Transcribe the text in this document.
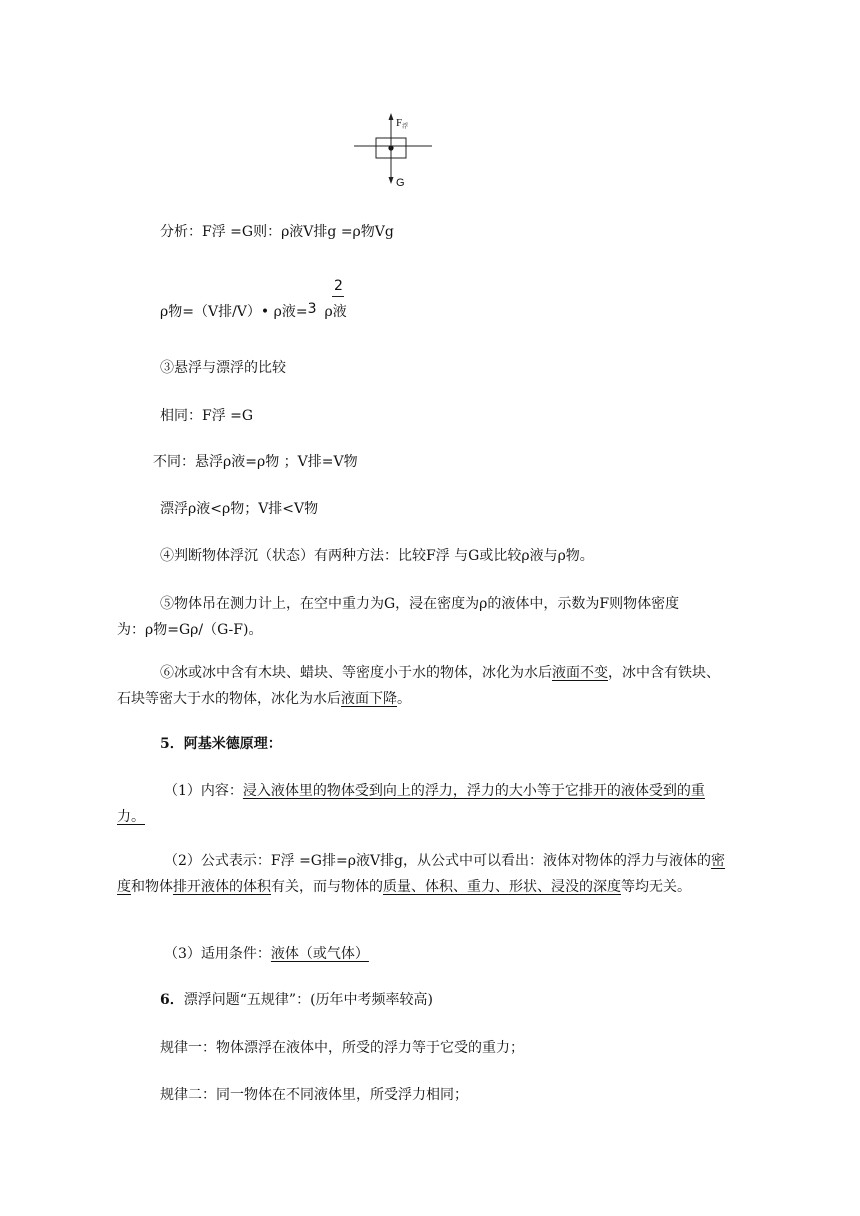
F浮
G
分析：F浮 =G则：ρ液V排g =ρ物Vg
2
ρ物=（V排/V）• ρ液=3 ρ液
③悬浮与漂浮的比较
相同：F浮 =G
不同：悬浮ρ液=ρ物 ；V排=V物
漂浮ρ液<ρ物；V排<V物
④判断物体浮沉（状态）有两种方法：比较F浮 与G或比较ρ液与ρ物。
⑤物体吊在测力计上，在空中重力为G，浸在密度为ρ的液体中，示数为F则物体密度
为：ρ物=Gρ/（G-F)。
⑥冰或冰中含有木块、蜡块、等密度小于水的物体，冰化为水后液面不变，冰中含有铁块、石块等密大于水的物体，冰化为水后液面下降。
5．阿基米德原理：
（1）内容：浸入液体里的物体受到向上的浮力，浮力的大小等于它排开的液体受到的重力。
（2）公式表示：F浮 =G排=ρ液V排g，从公式中可以看出：液体对物体的浮力与液体的密度和物体排开液体的体积有关，而与物体的质量、体积、重力、形状、浸没的深度等均无关。
（3）适用条件：液体（或气体）
6．漂浮问题“五规律”：(历年中考频率较高)
规律一：物体漂浮在液体中，所受的浮力等于它受的重力；
规律二：同一物体在不同液体里，所受浮力相同；
